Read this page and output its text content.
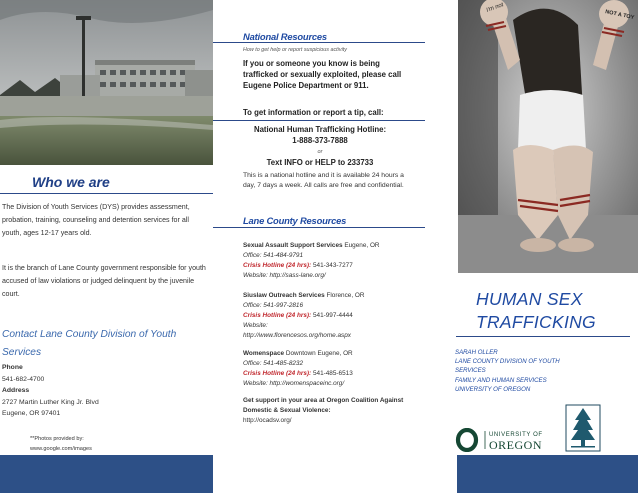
Who we are
The Division of Youth Services (DYS) provides assessment, probation, training, counseling and detention services for all youth, ages 12-17 years old.
It is the branch of Lane County government responsible for youth accused of law violations or judged delinquent by the juvenile court.
Contact Lane County Division of Youth Services
Phone
541-682-4700
Address
2727 Martin Luther King Jr. Blvd
Eugene, OR 97401
**Photos provided by:
www.google.com/images
National Resources
How to get help or report suspicious activity
If you or someone you know is being trafficked or sexually exploited, please call Eugene Police Department or 911.
To get information or report a tip, call:
National Human Trafficking Hotline:
1-888-373-7888
or
Text INFO or HELP to 233733
This is a national hotline and it is available 24 hours a day, 7 days a week. All calls are free and confidential.
Lane County Resources
Sexual Assault Support Services Eugene, OR
Office: 541-484-9791
Crisis Hotline (24 hrs): 541-343-7277
Website: http://sass-lane.org/
Siuslaw Outreach Services Florence, OR
Office: 541-997-2816
Crisis Hotline (24 hrs): 541-997-4444
Website:
http://www.florencesos.org/home.aspx
Womenspace Downtown Eugene, OR
Office: 541-485-8232
Crisis Hotline (24 hrs): 541-485-6513
Website: http://womenspaceinc.org/
Get support in your area at Oregon Coalition Against Domestic & Sexual Violence:
http://ocadsv.org/
I'm not
NOT A TOY
HUMAN SEX
TRAFFICKING
SARAH OLLER
LANE COUNTY DIVISION OF YOUTH
SERVICES
FAMILY AND HUMAN SERVICES
UNIVERSITY OF OREGON
UNIVERSITY OF
OREGON
